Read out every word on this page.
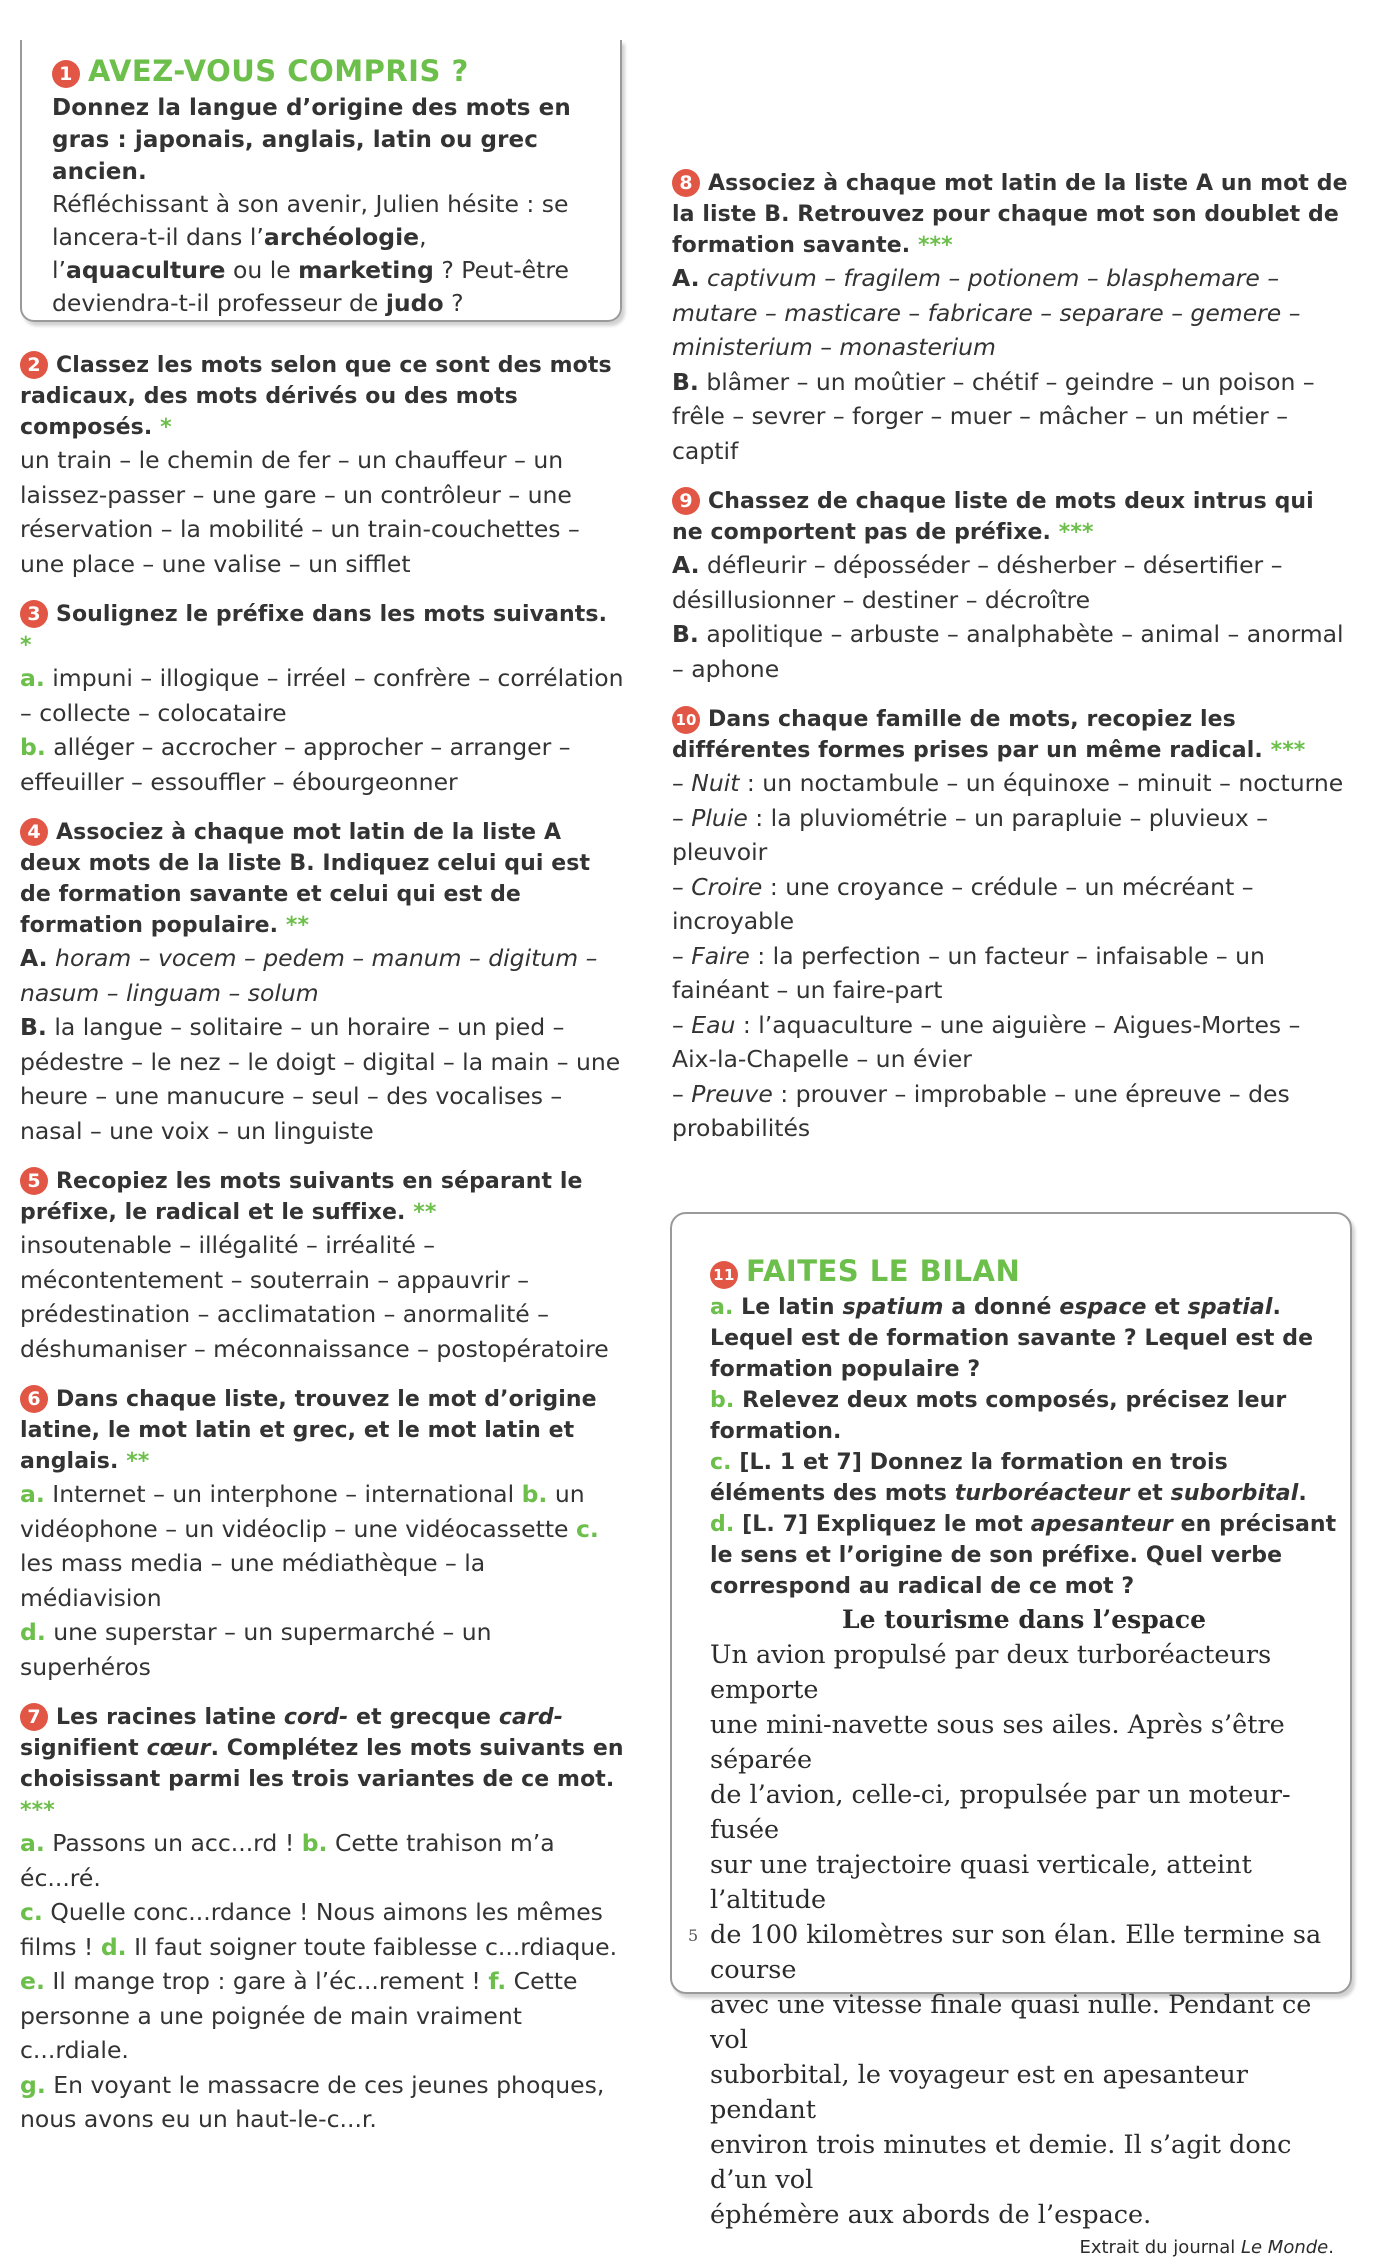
1 AVEZ-VOUS COMPRIS ?

Donnez la langue d’origine des mots en gras : japonais, anglais, latin ou grec ancien.

Réfléchissant à son avenir, Julien hésite : se lancera-t-il dans l’archéologie, l’aquaculture ou le marketing ? Peut-être deviendra-t-il professeur de judo ?

2 Classez les mots selon que ce sont des mots radicaux, des mots dérivés ou des mots composés. *

un train – le chemin de fer – un chauffeur – un laissez-passer – une gare – un contrôleur – une réservation – la mobilité – un train-couchettes – une place – une valise – un sifflet

3 Soulignez le préfixe dans les mots suivants. *

a. impuni – illogique – irréel – confrère – corrélation – collecte – colocataire

b. alléger – accrocher – approcher – arranger – effeuiller – essouffler – ébourgeonner

4 Associez à chaque mot latin de la liste A deux mots de la liste B. Indiquez celui qui est de formation savante et celui qui est de formation populaire. **

A. horam – vocem – pedem – manum – digitum – nasum – linguam – solum

B. la langue – solitaire – un horaire – un pied – pédestre – le nez – le doigt – digital – la main – une heure – une manucure – seul – des vocalises – nasal – une voix – un linguiste

5 Recopiez les mots suivants en séparant le préfixe, le radical et le suffixe. **

insoutenable – illégalité – irréalité – mécontentement – souterrain – appauvrir – prédestination – acclimatation – anormalité – déshumaniser – méconnaissance – postopératoire

6 Dans chaque liste, trouvez le mot d’origine latine, le mot latin et grec, et le mot latin et anglais. **

a. Internet – un interphone – international b. un vidéophone – un vidéoclip – une vidéocassette c. les mass media – une médiathèque – la médiavision

d. une superstar – un supermarché – un superhéros

7 Les racines latine cord- et grecque card- signifient cœur. Complétez les mots suivants en choisissant parmi les trois variantes de ce mot. ***

a. Passons un acc...rd ! b. Cette trahison m’a éc...ré.
c. Quelle conc...rdance ! Nous aimons les mêmes films ! d. Il faut soigner toute faiblesse c...rdiaque.
e. Il mange trop : gare à l’éc...rement ! f. Cette personne a une poignée de main vraiment c...rdiale.
g. En voyant le massacre de ces jeunes phoques, nous avons eu un haut-le-c...r.

8 Associez à chaque mot latin de la liste A un mot de la liste B. Retrouvez pour chaque mot son doublet de formation savante. ***

A. captivum – fragilem – potionem – blasphemare – mutare – masticare – fabricare – separare – gemere – ministerium – monasterium

B. blâmer – un moûtier – chétif – geindre – un poison – frêle – sevrer – forger – muer – mâcher – un métier – captif

9 Chassez de chaque liste de mots deux intrus qui ne comportent pas de préfixe. ***

A. défleurir – déposséder – désherber – désertifier – désillusionner – destiner – décroître

B. apolitique – arbuste – analphabète – animal – anormal – aphone

10 Dans chaque famille de mots, recopiez les différentes formes prises par un même radical. ***

– Nuit : un noctambule – un équinoxe – minuit – nocturne

– Pluie : la pluviométrie – un parapluie – pluvieux – pleuvoir

– Croire : une croyance – crédule – un mécréant – incroyable

– Faire : la perfection – un facteur – infaisable – un fainéant – un faire-part

– Eau : l’aquaculture – une aiguière – Aigues-Mortes – Aix-la-Chapelle – un évier

– Preuve : prouver – improbable – une épreuve – des probabilités

11 FAITES LE BILAN

a. Le latin spatium a donné espace et spatial. Lequel est de formation savante ? Lequel est de formation populaire ?

b. Relevez deux mots composés, précisez leur formation.

c. [L. 1 et 7] Donnez la formation en trois éléments des mots turboréacteur et suborbital.

d. [L. 7] Expliquez le mot apesanteur en précisant le sens et l’origine de son préfixe. Quel verbe correspond au radical de ce mot ?

Le tourisme dans l’espace

Un avion propulsé par deux turboréacteurs emporte
une mini-navette sous ses ailes. Après s’être séparée
de l’avion, celle-ci, propulsée par un moteur-fusée
sur une trajectoire quasi verticale, atteint l’altitude
5 de 100 kilomètres sur son élan. Elle termine sa course
avec une vitesse finale quasi nulle. Pendant ce vol
suborbital, le voyageur est en apesanteur pendant
environ trois minutes et demie. Il s’agit donc d’un vol
éphémère aux abords de l’espace.

Extrait du journal Le Monde.
